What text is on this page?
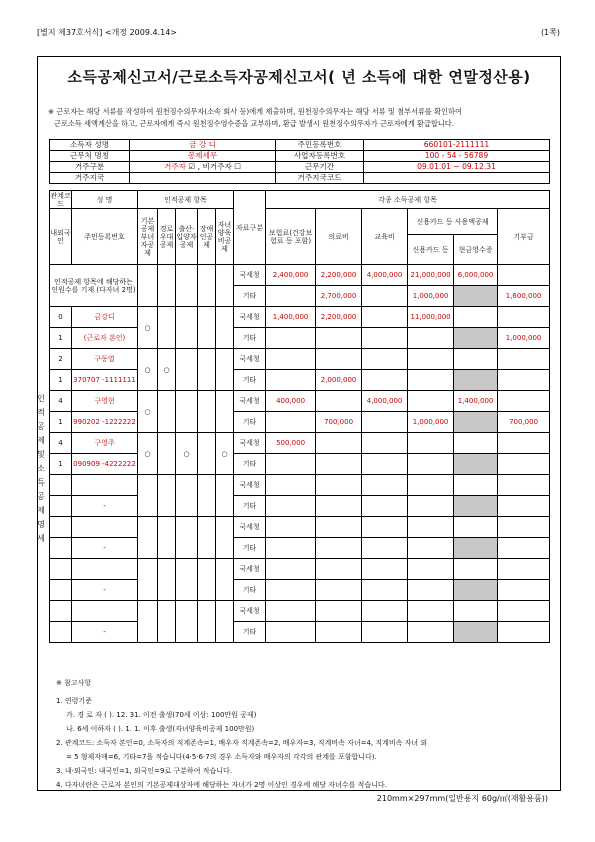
[별지 제37호서식] <개정 2009.4.14>	(1쪽)
소득공제신고서/근로소득자공제신고서( 년 소득에 대한 연말정산용)
※ 근로자는 해당 서류를 작성하여 원천징수의무자(소속 회사 등)에게 제출하며, 원천징수의무자는 해당 서류 및 첨부서류를 확인하여
근로소득 세액계산을 하고, 근로자에게 즉시 원천징수영수증을 교부하며, 환급 발생시 원천징수의무자가 근로자에게 환급합니다.
소득자 성명	금 강 디	주민등록번호	660101-2111111
근무처 명칭	봉제세무	사업자등록번호	100 - 54 - 56789
거주구분	거주자 ☑ , 비거주자 ☐	근무기간	09.01.01 ~ 09.12.31
거주지국		거주지국코드	
관계코드	성 명	인적공제 항목					자료구분	각종 소득공제 항목					
내외국인	주민등록번호	기본공제
부녀자공제	경로우대공제	출산·입양자공제	장애인공제	자녀양육비공제		보험료(건강보험료 등 포함)	의료비	교육비	신용카드 등 사용액공제		기부금
											신용카드 등	현금영수증	
인적공제 항목에 해당하는 인원수를 기재 (다자녀 2명)							국세청	2,400,000	2,200,000	4,000,000	21,000,000	6,000,000	
							기타		2,700,000		1,000,000		1,600,000
0	금강디	○					국세청	1,400,000	2,200,000		11,000,000		
1	(근로자 본인)						기타						1,000,000
2	구동열	○	○				국세청						
1	370707 -1111111						기타		2,000,000				
4	구영현	○					국세청	400,000		4,000,000		1,400,000	
1	990202 -1222222						기타		700,000		1,000,000		700,000
4	구영주	○		○		○	국세청	500,000					
1	090909 -4222222						기타						
							국세청						
	-						기타						
							국세청						
	-						기타						
							국세청						
	-						기타						
							국세청						
	-						기타						
인적공제 및 소득공제 명세
※ 참고사항
1. 연령기준
가. 경 로 자 ( ). 12. 31. 이전 출생(70세 이상: 100만원 공제)
나. 6세 이하자 ( ). 1. 1. 이후 출생(자녀양육비공제 100만원)
2. 관계코드: 소득자 본인=0, 소득자의 직계존속=1, 배우자 직계존속=2, 배우자=3, 직계비속 자녀=4, 직계비속 자녀 외
= 5 형제자매=6, 기타=7을 적습니다(4·5·6·7의 경우 소득자와 배우자의 각각의 관계를 포함합니다).
3. 내·외국인: 내국인=1, 외국인=9로 구분하여 적습니다.
4. 다자녀란은 근로자 본인의 기본공제대상자에 해당하는 자녀가 2명 이상인 경우에 해당 자녀수를 적습니다.
210mm×297mm(일반용지 60g/㎡(재활용품))
